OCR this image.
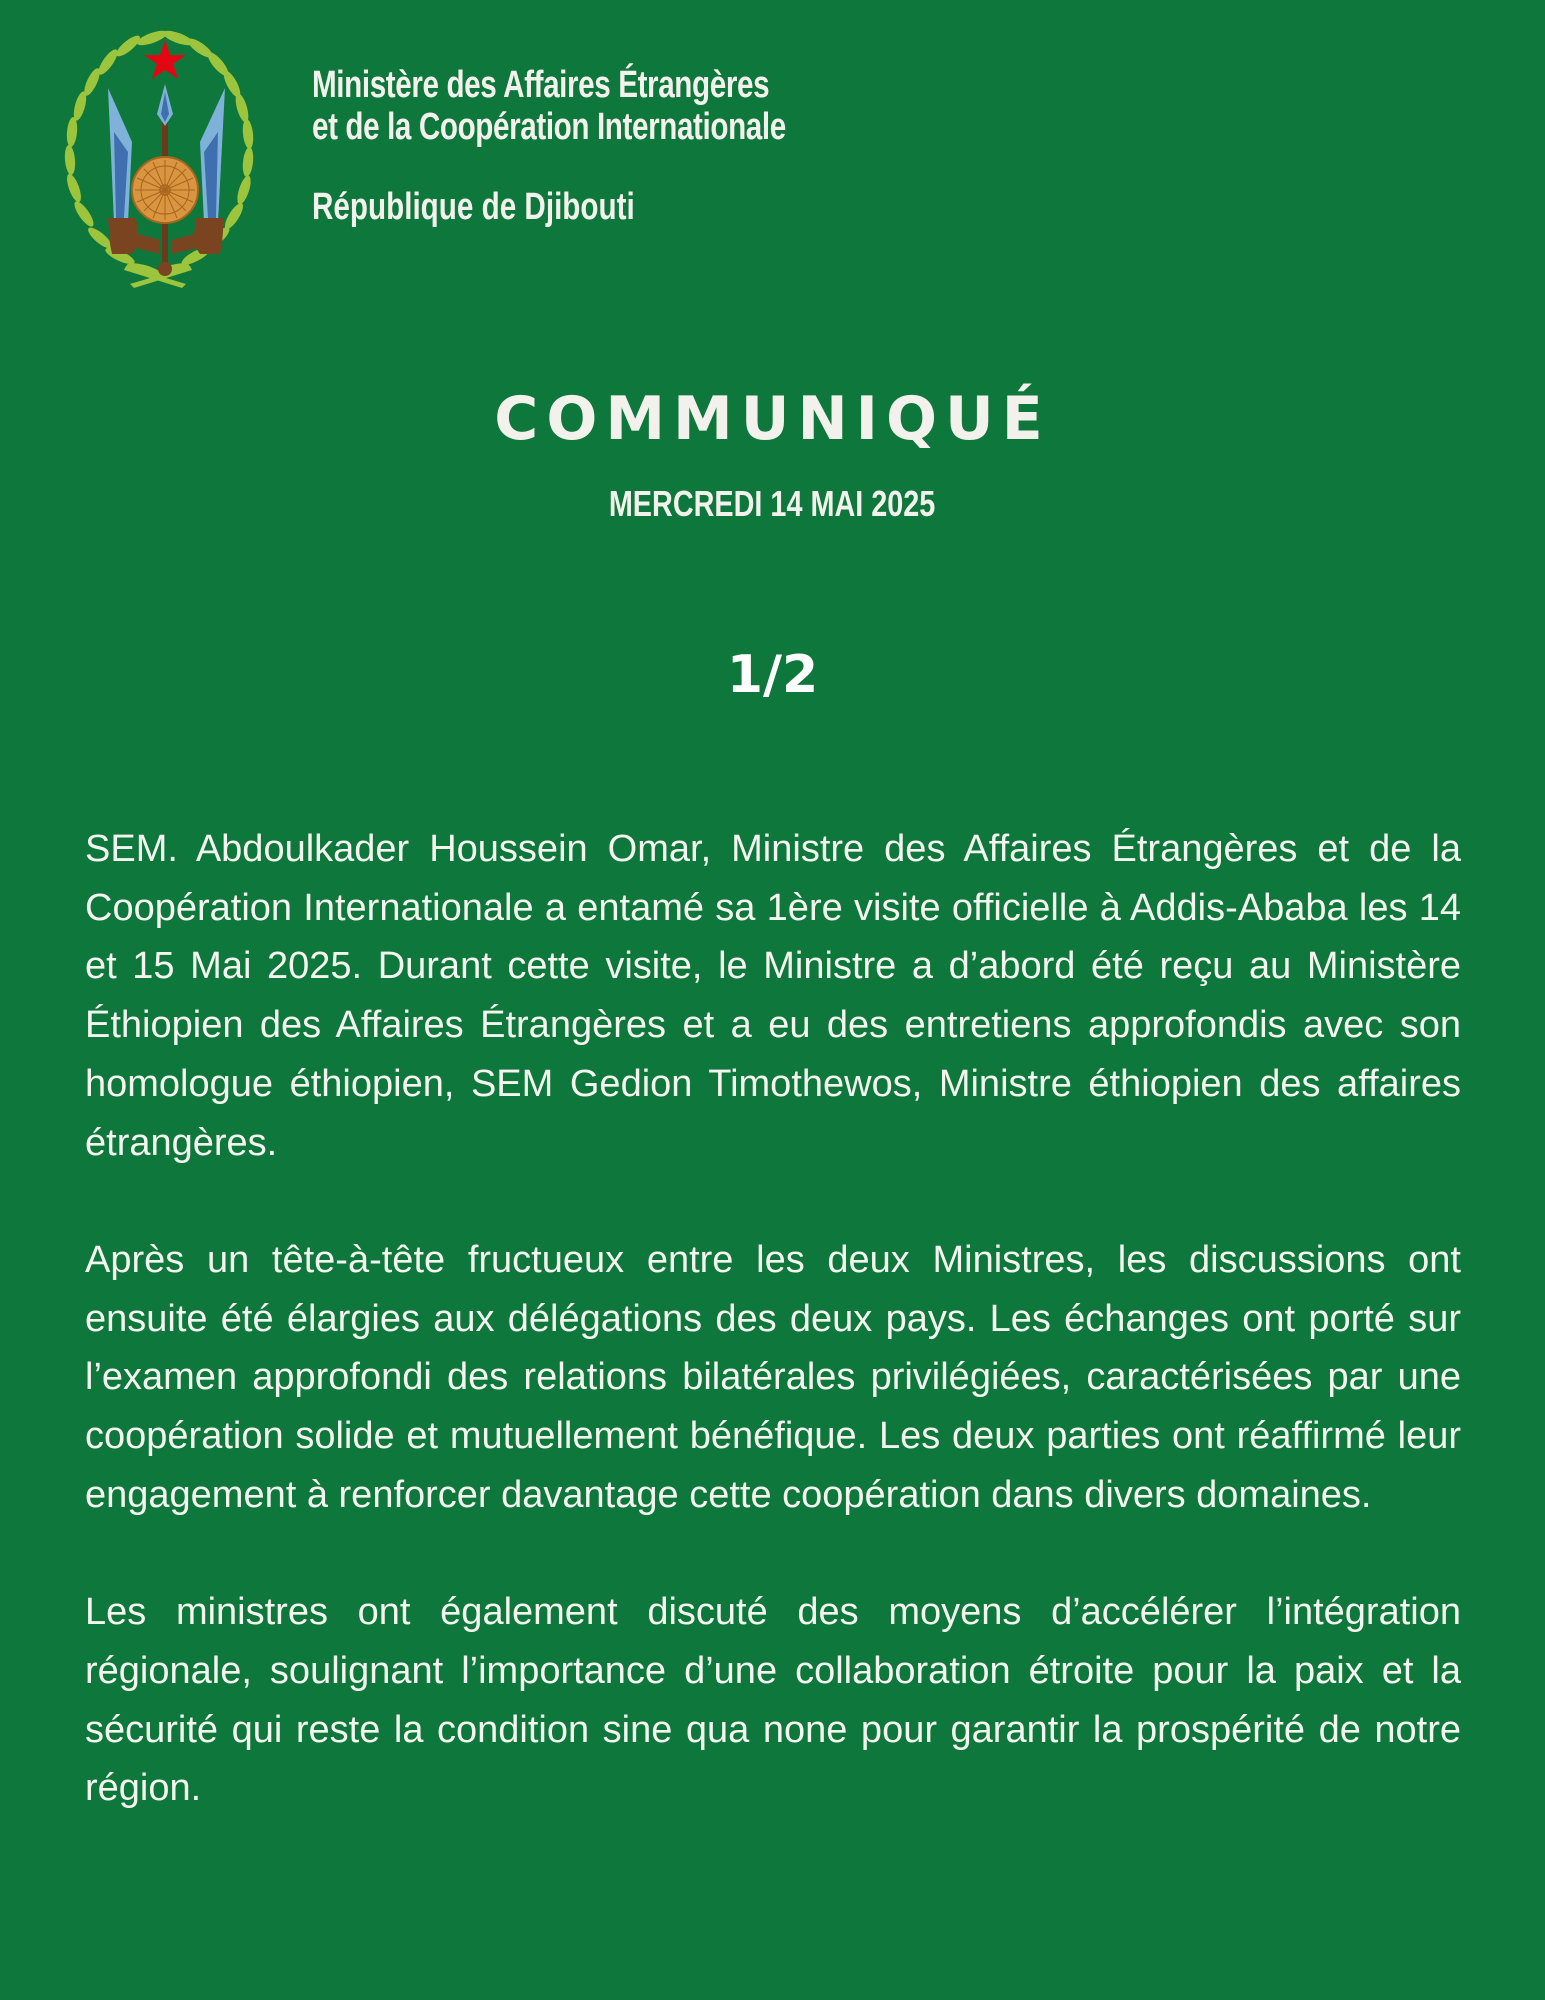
Ministère des Affaires Étrangères
et de la Coopération Internationale
République de Djibouti
COMMUNIQUÉ
MERCREDI 14 MAI 2025
1/2

SEM. Abdoulkader Houssein Omar, Ministre des Affaires Étrangères et de la Coopération Internationale a entamé sa 1ère visite officielle à Addis-Ababa les 14 et 15 Mai 2025. Durant cette visite, le Ministre a d’abord été reçu au Ministère Éthiopien des Affaires Étrangères et a eu des entretiens approfondis avec son homologue éthiopien, SEM Gedion Timothewos, Ministre éthiopien des affaires étrangères.

Après un tête-à-tête fructueux entre les deux Ministres, les discussions ont ensuite été élargies aux délégations des deux pays. Les échanges ont porté sur l’examen approfondi des relations bilatérales privilégiées, caractérisées par une coopération solide et mutuellement bénéfique. Les deux parties ont réaffirmé leur engagement à renforcer davantage cette coopération dans divers domaines.

Les ministres ont également discuté des moyens d’accélérer l’intégration régionale, soulignant l’importance d’une collaboration étroite pour la paix et la sécurité qui reste la condition sine qua none pour garantir la prospérité de notre région.
